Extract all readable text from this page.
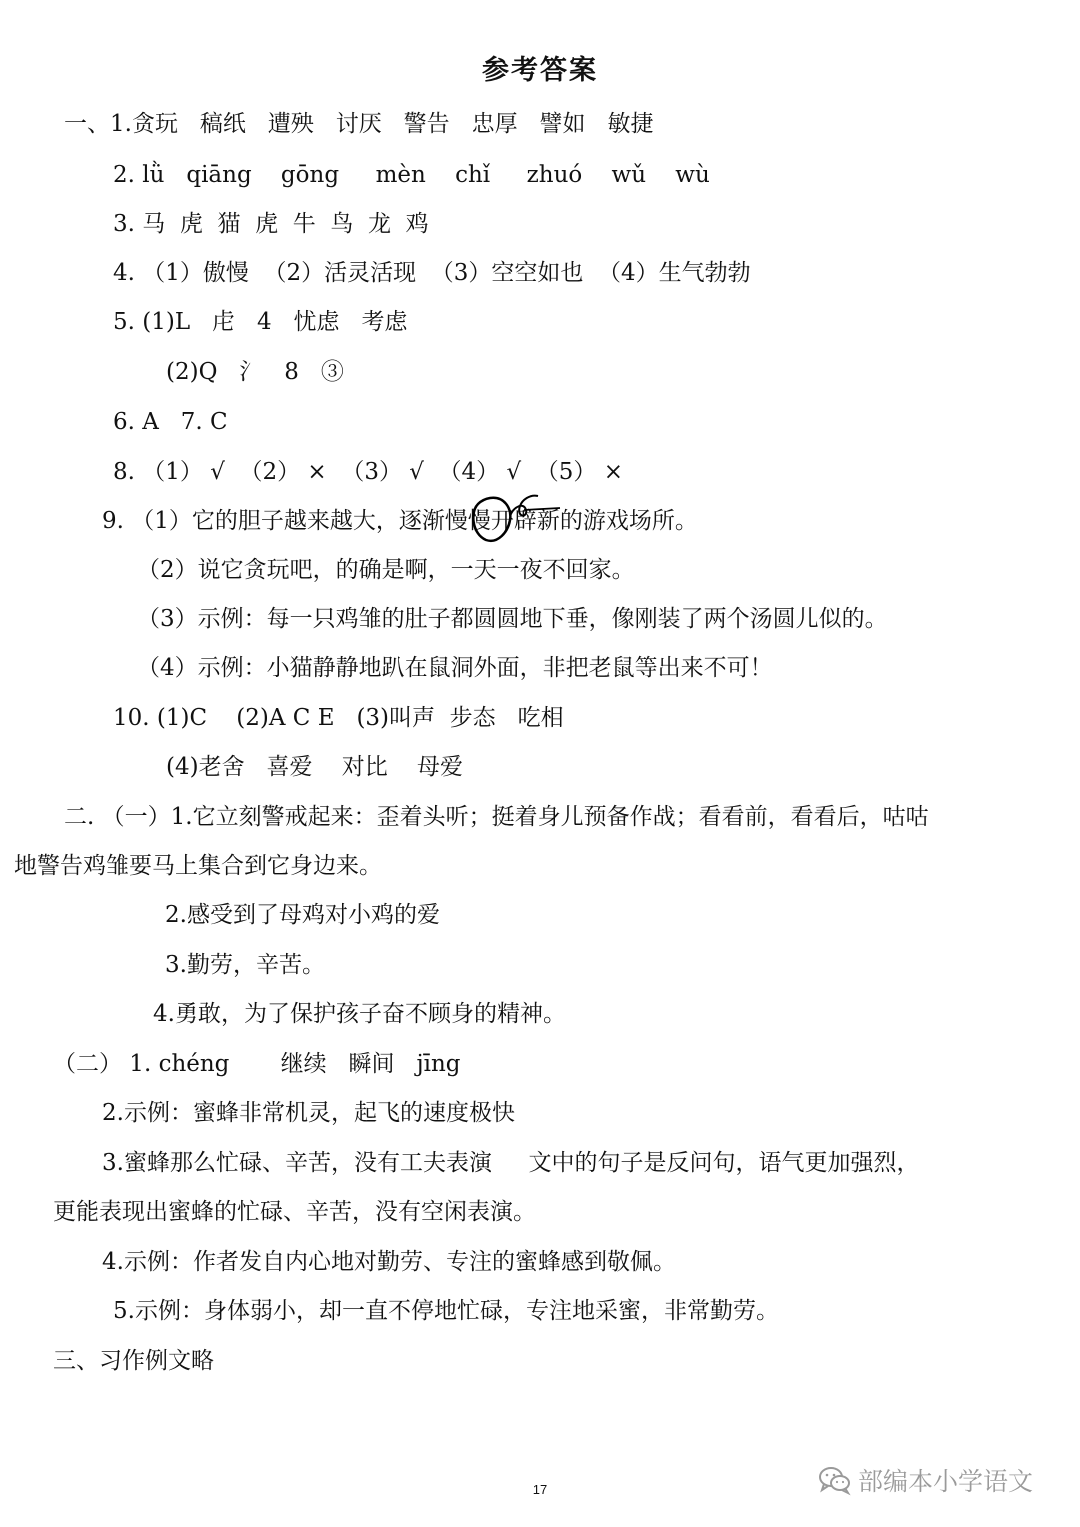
参考答案
一、1.贪玩   稿纸   遭殃   讨厌   警告   忠厚   譬如   敏捷
2. lǜ   qiāng    gōng     mèn    chǐ     zhuó    wǔ    wù
3. 马  虎  猫  虎  牛  鸟  龙  鸡
4. （1）傲慢  （2）活灵活现  （3）空空如也  （4）生气勃勃
5. (1)L   虍   4   忧虑   考虑
(2)Q   氵   8   ③
6. A   7. C
8. （1） √  （2） ×  （3） √  （4） √  （5） ×
9. （1）它的胆子越来越大，逐渐慢慢开辟新的游戏场所。
（2）说它贪玩吧，的确是啊，一天一夜不回家。
（3）示例：每一只鸡雏的肚子都圆圆地下垂，像刚装了两个汤圆儿似的。
（4）示例：小猫静静地趴在鼠洞外面，非把老鼠等出来不可！
10. (1)C    (2)A C E   (3)叫声  步态   吃相
(4)老舍   喜爱    对比    母爱
二. （一）1.它立刻警戒起来：歪着头听；挺着身儿预备作战；看看前，看看后，咕咕
地警告鸡雏要马上集合到它身边来。
2.感受到了母鸡对小鸡的爱
3.勤劳，辛苦。
4.勇敢，为了保护孩子奋不顾身的精神。
（二） 1. chéng       继续   瞬间   jīng
2.示例：蜜蜂非常机灵，起飞的速度极快
3.蜜蜂那么忙碌、辛苦，没有工夫表演     文中的句子是反问句，语气更加强烈，
更能表现出蜜蜂的忙碌、辛苦，没有空闲表演。
4.示例：作者发自内心地对勤劳、专注的蜜蜂感到敬佩。
5.示例：身体弱小，却一直不停地忙碌，专注地采蜜，非常勤劳。
三、习作例文略
17	部编本小学语文
